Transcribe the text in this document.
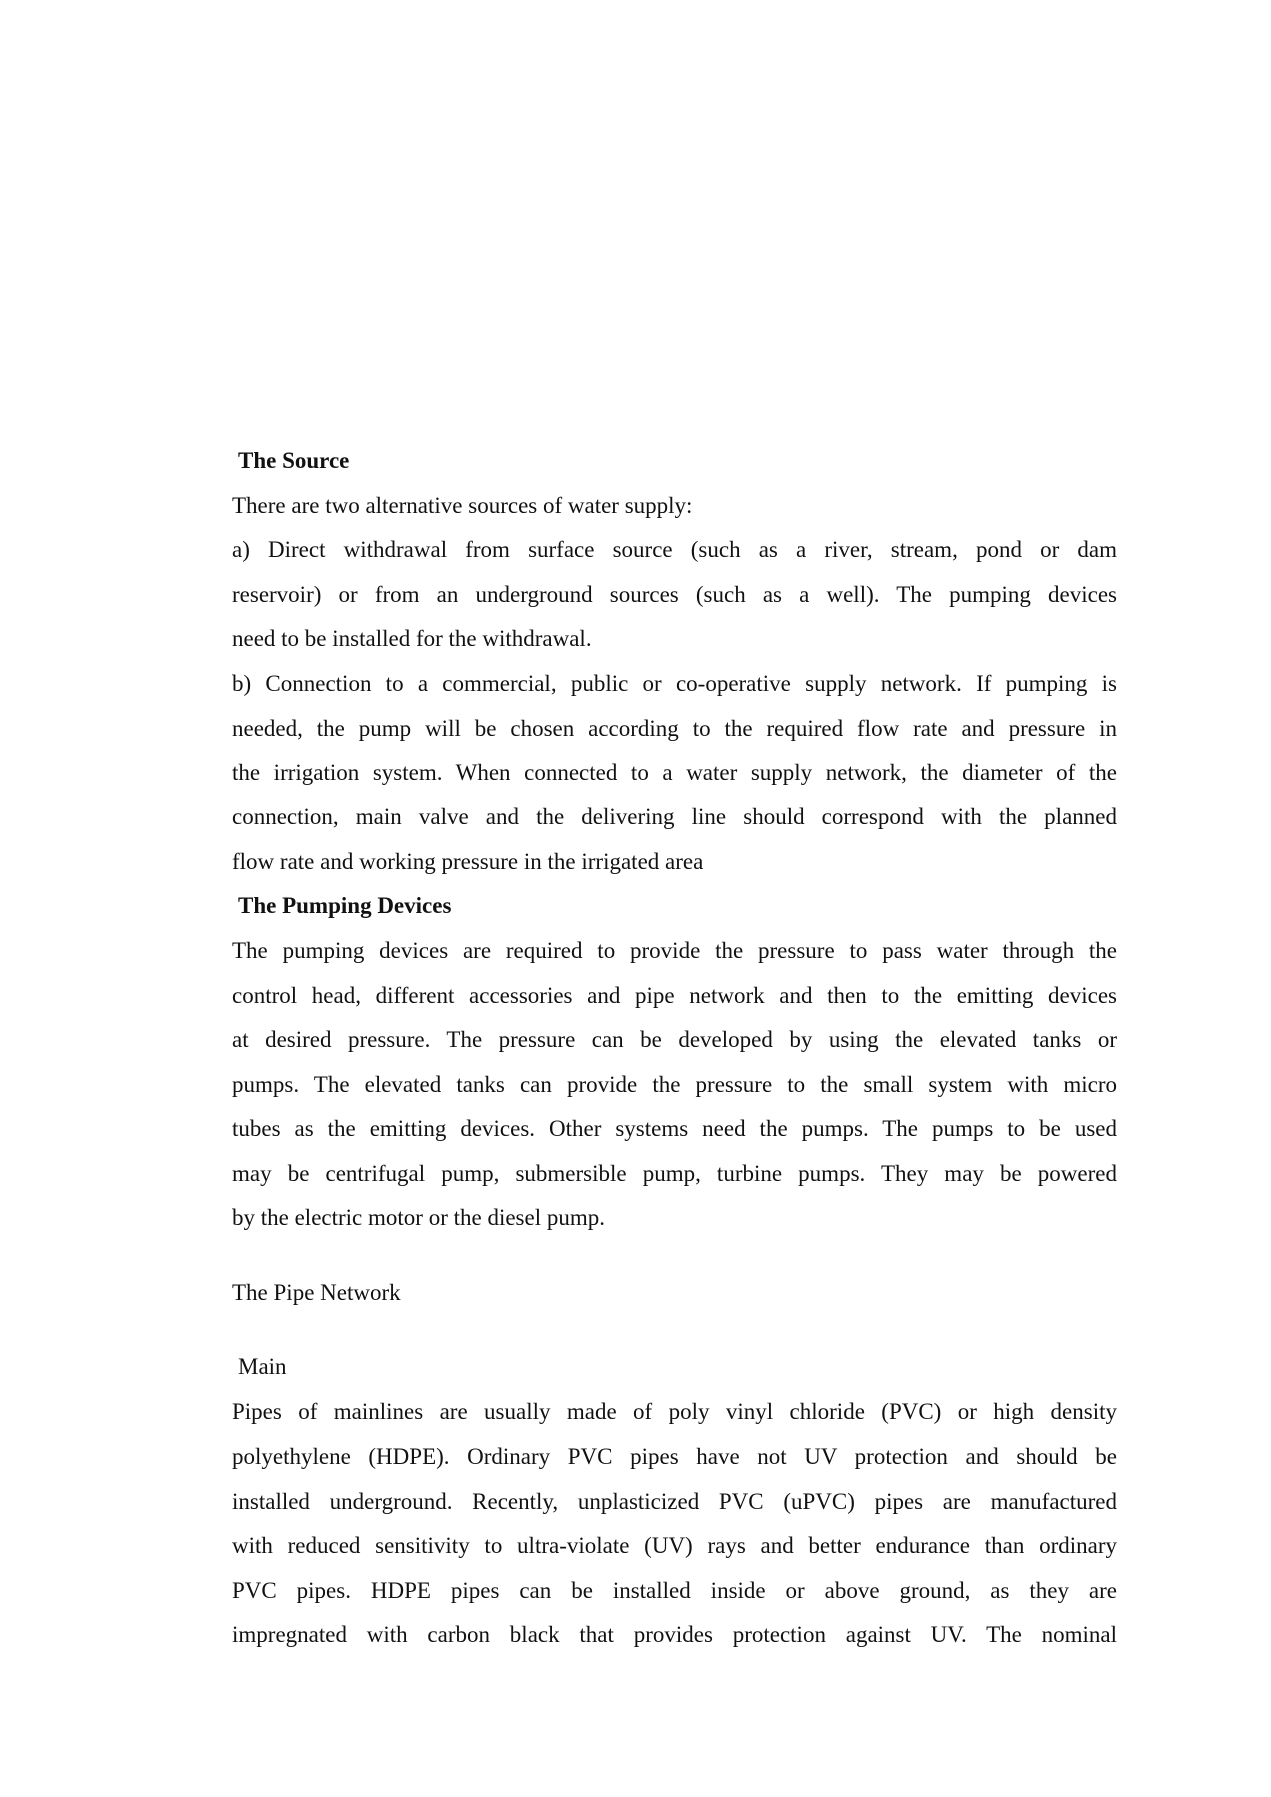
The Source
There are two alternative sources of water supply:
a) Direct withdrawal from surface source (such as a river, stream, pond or dam
reservoir) or from an underground sources (such as a well). The pumping devices
need to be installed for the withdrawal.
b) Connection to a commercial, public or co-operative supply network. If pumping is
needed, the pump will be chosen according to the required flow rate and pressure in
the irrigation system. When connected to a water supply network, the diameter of the
connection, main valve and the delivering line should correspond with the planned
flow rate and working pressure in the irrigated area
The Pumping Devices
The pumping devices are required to provide the pressure to pass water through the
control head, different accessories and pipe network and then to the emitting devices
at desired pressure. The pressure can be developed by using the elevated tanks or
pumps. The elevated tanks can provide the pressure to the small system with micro
tubes as the emitting devices. Other systems need the pumps. The pumps to be used
may be centrifugal pump, submersible pump, turbine pumps. They may be powered
by the electric motor or the diesel pump.
The Pipe Network
Main
Pipes of mainlines are usually made of poly vinyl chloride (PVC) or high density
polyethylene (HDPE). Ordinary PVC pipes have not UV protection and should be
installed underground. Recently, unplasticized PVC (uPVC) pipes are manufactured
with reduced sensitivity to ultra-violate (UV) rays and better endurance than ordinary
PVC pipes. HDPE pipes can be installed inside or above ground, as they are
impregnated with carbon black that provides protection against UV. The nominal
